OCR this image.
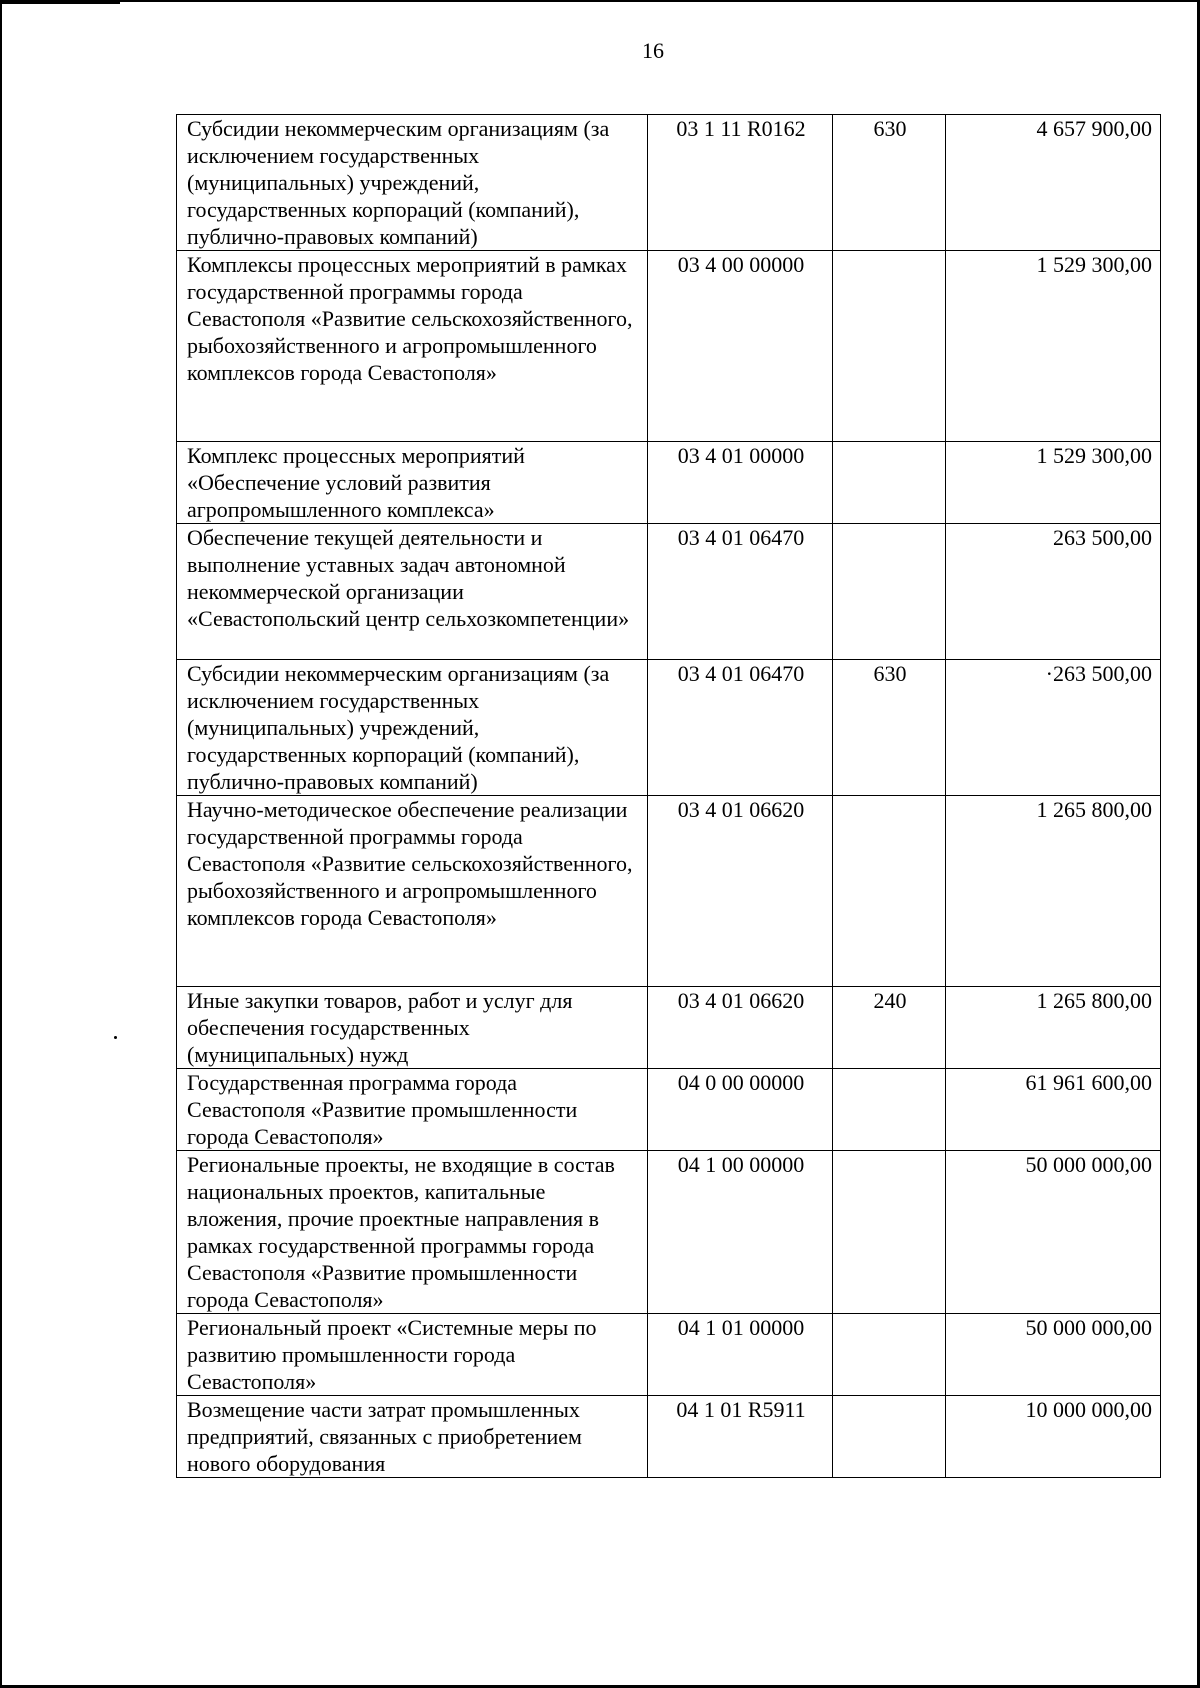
16
Субсидии некоммерческим организациям (за исключением государственных (муниципальных) учреждений, государственных корпораций (компаний), публично-правовых компаний)	03 1 11 R0162	630	4 657 900,00
Комплексы процессных мероприятий в рамках государственной программы города Севастополя «Развитие сельскохозяйственного, рыбохозяйственного и агропромышленного комплексов города Севастополя»	03 4 00 00000		1 529 300,00
Комплекс процессных мероприятий «Обеспечение условий развития агропромышленного комплекса»	03 4 01 00000		1 529 300,00
Обеспечение текущей деятельности и выполнение уставных задач автономной некоммерческой организации «Севастопольский центр сельхозкомпетенции»	03 4 01 06470		263 500,00
Субсидии некоммерческим организациям (за исключением государственных (муниципальных) учреждений, государственных корпораций (компаний), публично-правовых компаний)	03 4 01 06470	630	·263 500,00
Научно-методическое обеспечение реализации государственной программы города Севастополя «Развитие сельскохозяйственного, рыбохозяйственного и агропромышленного комплексов города Севастополя»	03 4 01 06620		1 265 800,00
Иные закупки товаров, работ и услуг для обеспечения государственных (муниципальных) нужд	03 4 01 06620	240	1 265 800,00
Государственная программа города Севастополя «Развитие промышленности города Севастополя»	04 0 00 00000		61 961 600,00
Региональные проекты, не входящие в состав национальных проектов, капитальные вложения, прочие проектные направления в рамках государственной программы города Севастополя «Развитие промышленности города Севастополя»	04 1 00 00000		50 000 000,00
Региональный проект «Системные меры по развитию промышленности города Севастополя»	04 1 01 00000		50 000 000,00
Возмещение части затрат промышленных предприятий, связанных с приобретением нового оборудования	04 1 01 R5911		10 000 000,00
